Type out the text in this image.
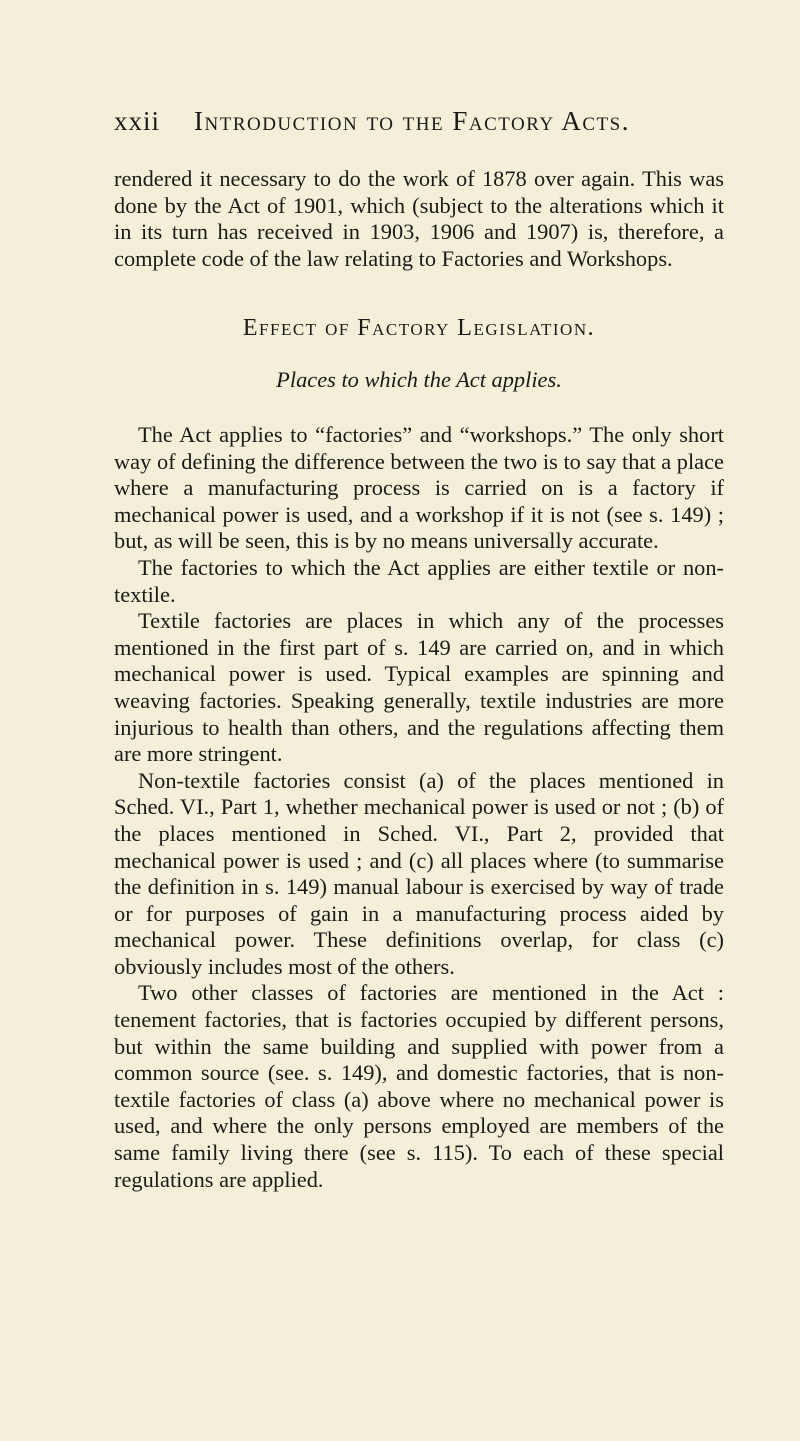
xxii Introduction to the Factory Acts.

rendered it necessary to do the work of 1878 over again. This was done by the Act of 1901, which (subject to the alterations which it in its turn has received in 1903, 1906 and 1907) is, therefore, a complete code of the law relating to Factories and Workshops.

Effect of Factory Legislation.
Places to which the Act applies.

The Act applies to “factories” and “workshops.” The only short way of defining the difference between the two is to say that a place where a manufacturing process is carried on is a factory if mechanical power is used, and a workshop if it is not (see s. 149) ; but, as will be seen, this is by no means universally accurate.

The factories to which the Act applies are either textile or non-textile.

Textile factories are places in which any of the processes mentioned in the first part of s. 149 are carried on, and in which mechanical power is used. Typical examples are spinning and weaving factories. Speaking generally, textile industries are more injurious to health than others, and the regulations affecting them are more stringent.

Non-textile factories consist (a) of the places mentioned in Sched. VI., Part 1, whether mechanical power is used or not ; (b) of the places mentioned in Sched. VI., Part 2, provided that mechanical power is used ; and (c) all places where (to summarise the definition in s. 149) manual labour is exercised by way of trade or for purposes of gain in a manufacturing process aided by mechanical power. These definitions overlap, for class (c) obviously includes most of the others.

Two other classes of factories are mentioned in the Act : tenement factories, that is factories occupied by different persons, but within the same building and supplied with power from a common source (see. s. 149), and domestic factories, that is non-textile factories of class (a) above where no mechanical power is used, and where the only persons employed are members of the same family living there (see s. 115). To each of these special regulations are applied.
